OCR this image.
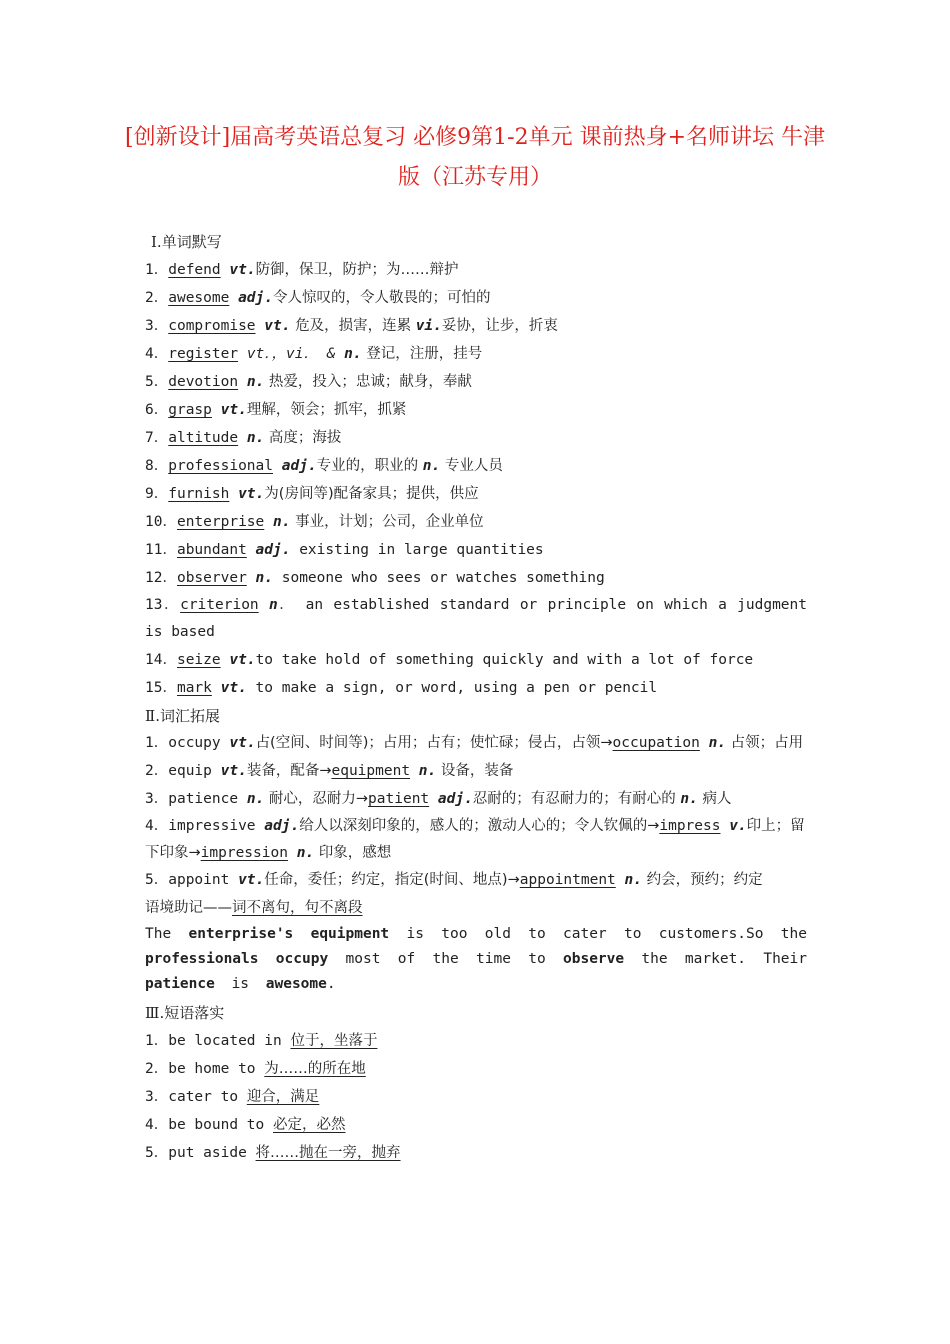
[创新设计]届高考英语总复习 必修9第1-2单元 课前热身+名师讲坛 牛津版（江苏专用）
Ⅰ.单词默写
1．defend vt.防御，保卫，防护；为……辩护
2．awesome adj.令人惊叹的，令人敬畏的；可怕的
3．compromise vt. 危及，损害，连累 vi.妥协，让步，折衷
4．register vt．，vi． & n. 登记，注册，挂号
5．devotion n. 热爱，投入；忠诚；献身，奉献
6．grasp vt.理解，领会；抓牢，抓紧
7．altitude n. 高度；海拔
8．professional adj.专业的，职业的 n. 专业人员
9．furnish vt.为(房间等)配备家具；提供，供应
10．enterprise n. 事业，计划；公司，企业单位
11．abundant adj. existing in large quantities
12．observer n. someone who sees or watches something
13．criterion n． an established standard or principle on which a judgment is based
14．seize vt.to take hold of something quickly and with a lot of force
15．mark vt. to make a sign, or word, using a pen or pencil
Ⅱ.词汇拓展
1．occupy vt.占(空间、时间等)；占用；占有；使忙碌；侵占，占领→occupation n. 占领；占用
2．equip vt.装备，配备→equipment n. 设备，装备
3．patience n. 耐心，忍耐力→patient adj.忍耐的；有忍耐力的；有耐心的 n. 病人
4．impressive adj.给人以深刻印象的，感人的；激动人心的；令人钦佩的→impress v.印上；留下印象→impression n. 印象，感想
5．appoint vt.任命，委任；约定，指定(时间、地点)→appointment n. 约会，预约；约定
语境助记——词不离句，句不离段
The enterprise's equipment is too old to cater to customers.So the professionals occupy most of the time to observe the market. Their patience is awesome.
Ⅲ.短语落实
1．be located in 位于，坐落于
2．be home to 为……的所在地
3．cater to 迎合，满足
4．be bound to 必定，必然
5．put aside 将……抛在一旁，抛弃
